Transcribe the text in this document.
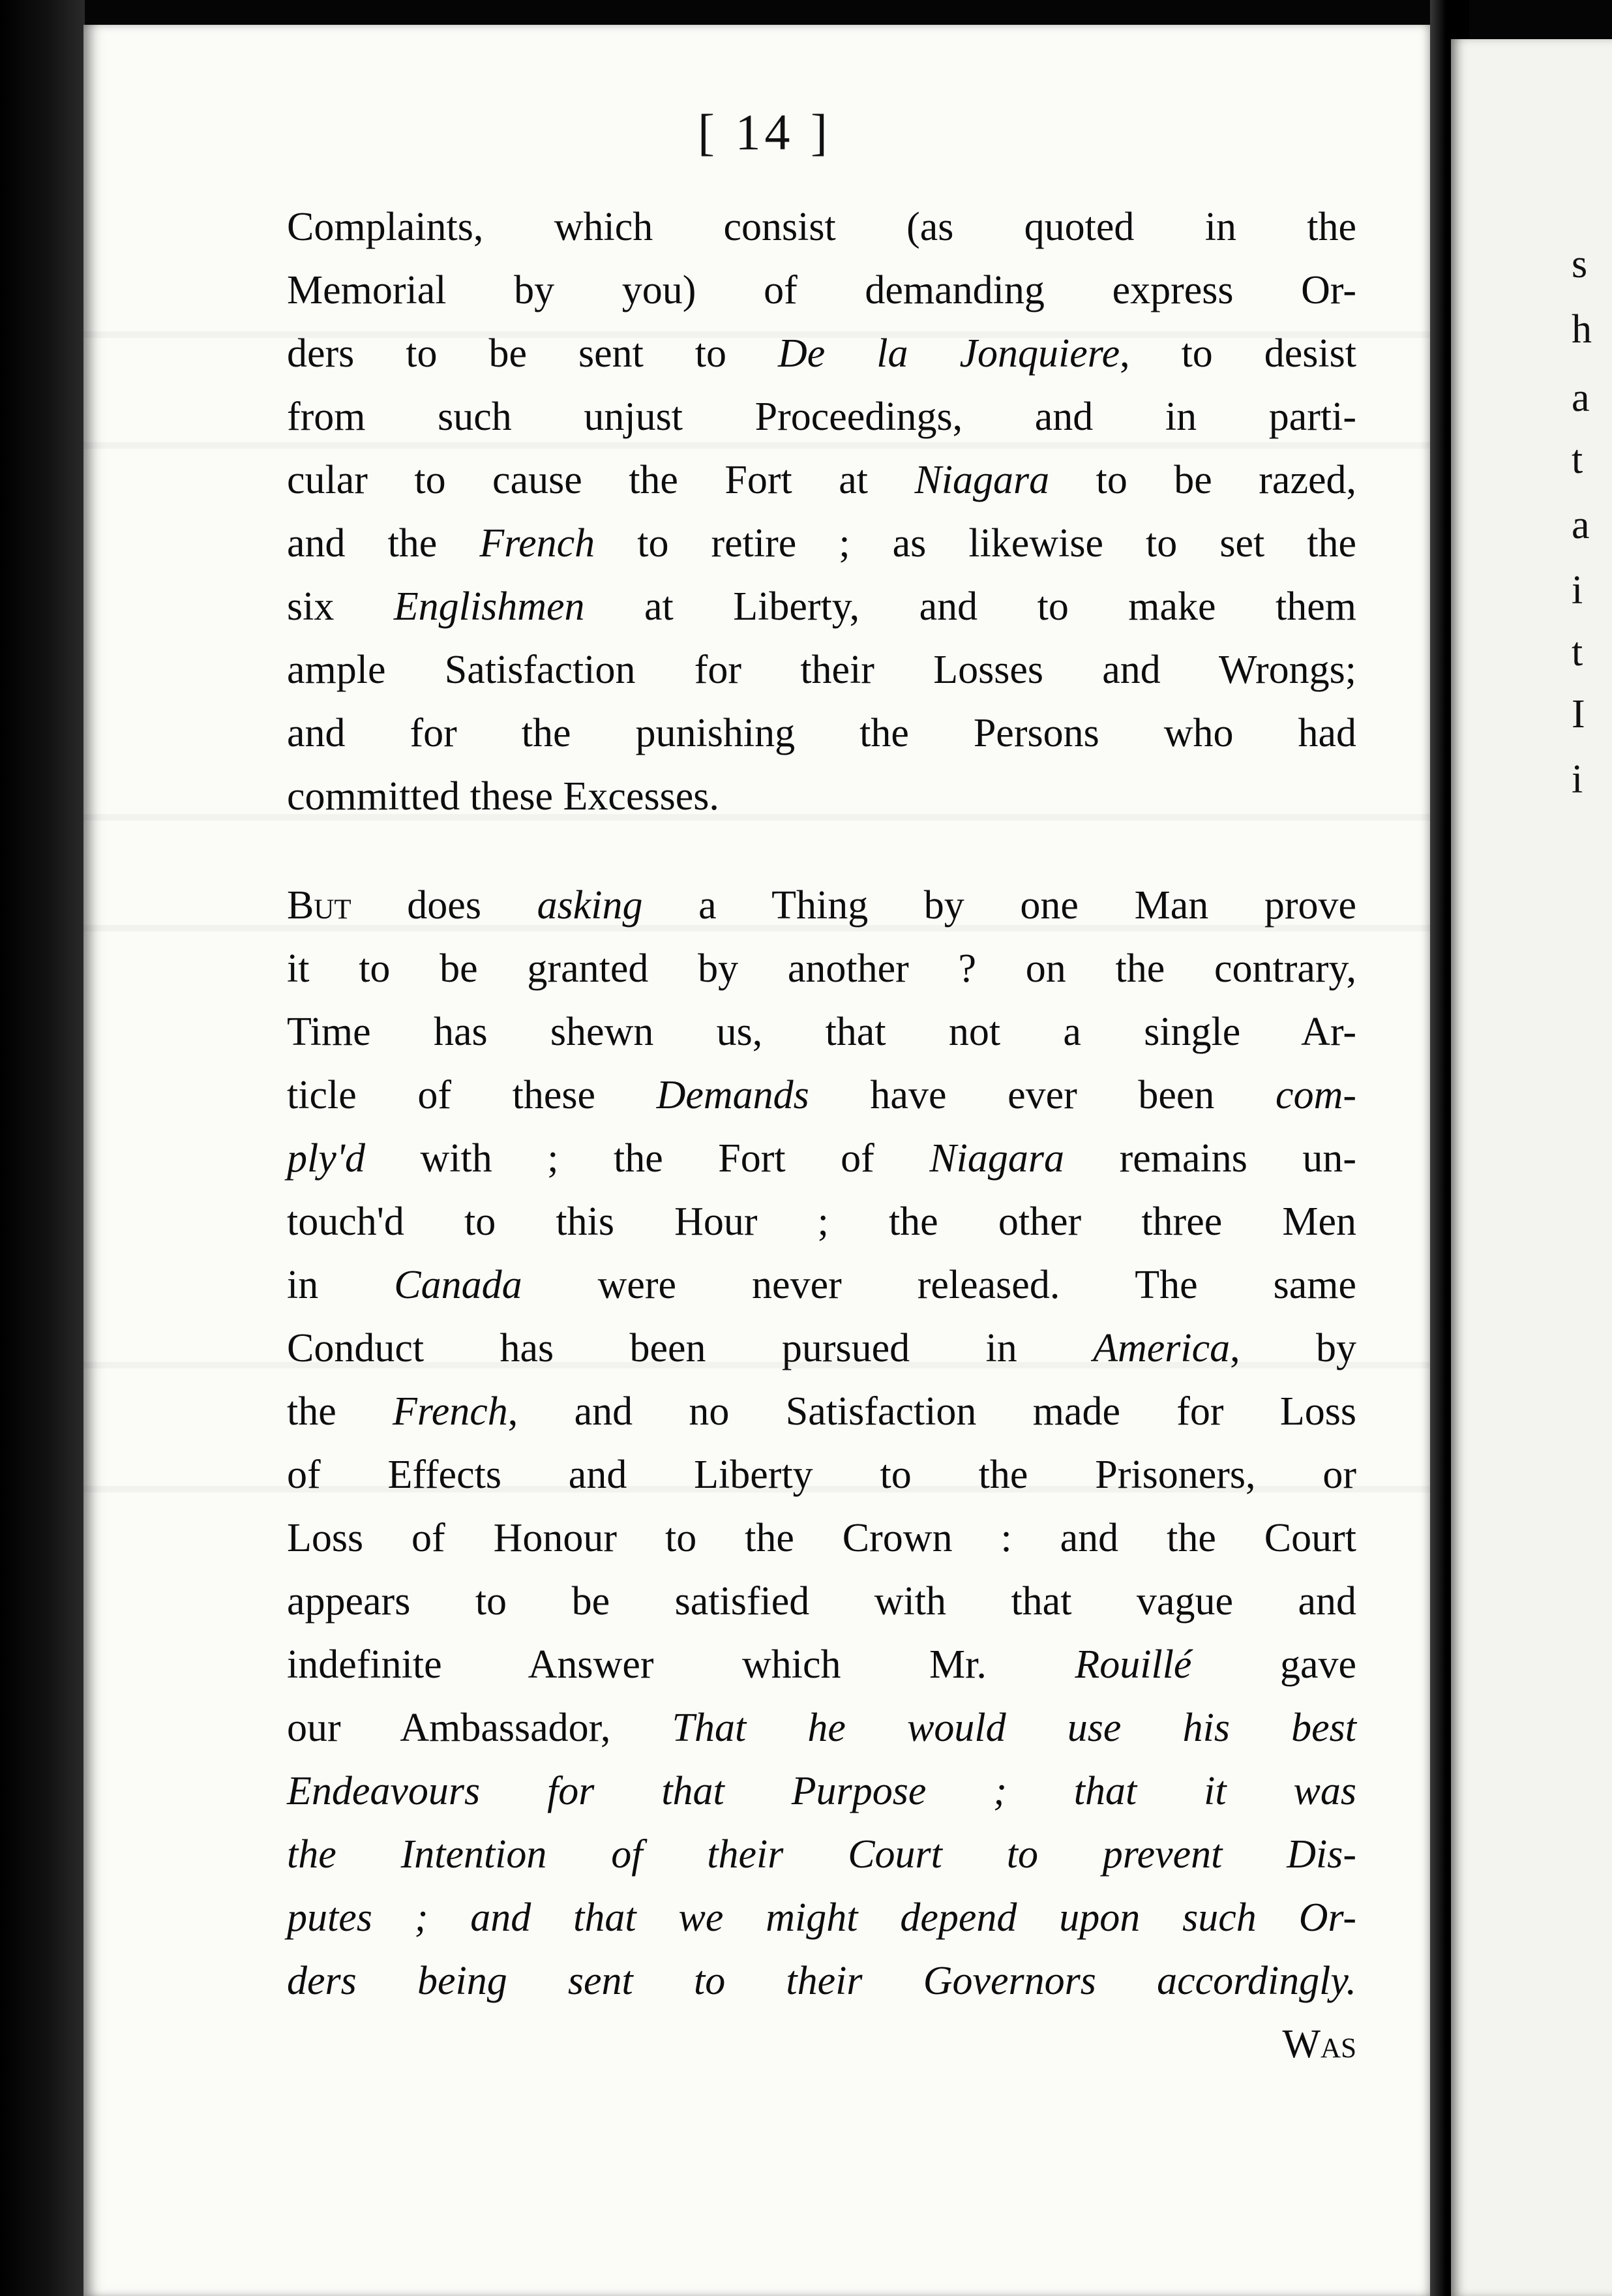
[ 14 ]
Complaints, which consist (as quoted in the
Memorial by you) of demanding express Or-
ders to be sent to De la Jonquiere, to desist
from such unjust Proceedings, and in parti-
cular to cause the Fort at Niagara to be razed,
and the French to retire ; as likewise to set the
six Englishmen at Liberty, and to make them
ample Satisfaction for their Losses and Wrongs;
and for the punishing the Persons who had
committed these Excesses.
But does asking a Thing by one Man prove
it to be granted by another ? on the contrary,
Time has shewn us, that not a single Ar-
ticle of these Demands have ever been com-
ply'd with ; the Fort of Niagara remains un-
touch'd to this Hour ; the other three Men
in Canada were never released. The same
Conduct has been pursued in America, by
the French, and no Satisfaction made for Loss
of Effects and Liberty to the Prisoners, or
Loss of Honour to the Crown : and the Court
appears to be satisfied with that vague and
indefinite Answer which Mr. Rouillé gave
our Ambassador, That he would use his best
Endeavours for that Purpose ; that it was
the Intention of their Court to prevent Dis-
putes ; and that we might depend upon such Or-
ders being sent to their Governors accordingly.
Was
s
h
a
t
a
i
t
I
i
